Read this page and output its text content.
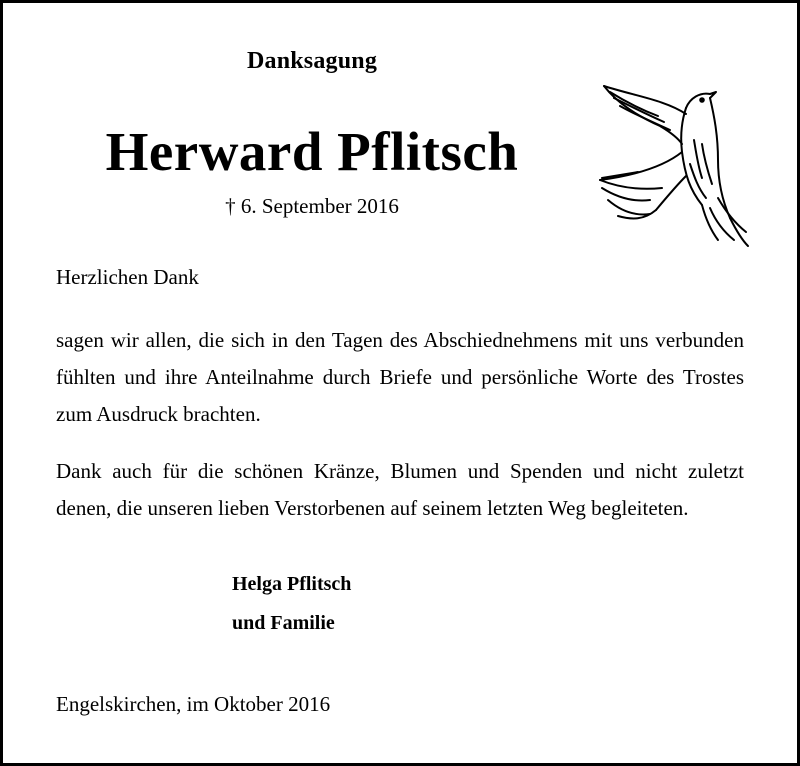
Danksagung

Herward Pflitsch

† 6. September 2016

Herzlichen Dank

sagen wir allen, die sich in den Tagen des Abschiednehmens mit uns verbunden fühlten und ihre Anteilnahme durch Briefe und persönliche Worte des Trostes zum Ausdruck brachten.

Dank auch für die schönen Kränze, Blumen und Spenden und nicht zuletzt denen, die unseren lieben Verstorbenen auf seinem letzten Weg begleiteten.

Helga Pflitsch

und Familie

Engelskirchen, im Oktober 2016
